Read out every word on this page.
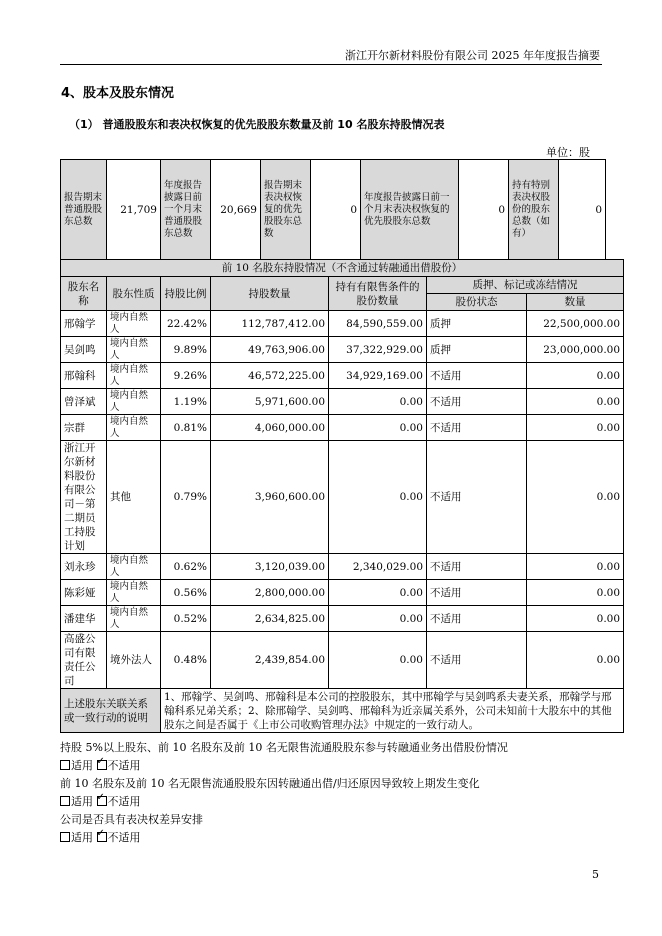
浙江开尔新材料股份有限公司 2025 年年度报告摘要
4、股本及股东情况
（1） 普通股股东和表决权恢复的优先股股东数量及前 10 名股东持股情况表
单位：股
报告期末普通股股东总数	21,709	年度报告披露日前一个月末普通股股东总数	20,669	报告期末表决权恢复的优先股股东总数	0	年度报告披露日前一个月末表决权恢复的优先股股东总数	0	持有特别表决权股份的股东总数（如有）	0
前 10 名股东持股情况（不含通过转融通出借股份）						
股东名称	股东性质	持股比例	持股数量	持有有限售条件的股份数量	质押、标记或冻结情况	
					股份状态	数量
邢翰学	境内自然人	22.42%	112,787,412.00	84,590,559.00	质押	22,500,000.00
吴剑鸣	境内自然人	9.89%	49,763,906.00	37,322,929.00	质押	23,000,000.00
邢翰科	境内自然人	9.26%	46,572,225.00	34,929,169.00	不适用	0.00
曾泽斌	境内自然人	1.19%	5,971,600.00	0.00	不适用	0.00
宗群	境内自然人	0.81%	4,060,000.00	0.00	不适用	0.00
浙江开尔新材料股份有限公司－第二期员工持股计划	其他	0.79%	3,960,600.00	0.00	不适用	0.00
刘永珍	境内自然人	0.62%	3,120,039.00	2,340,029.00	不适用	0.00
陈彩娅	境内自然人	0.56%	2,800,000.00	0.00	不适用	0.00
潘建华	境内自然人	0.52%	2,634,825.00	0.00	不适用	0.00
高盛公司有限责任公司	境外法人	0.48%	2,439,854.00	0.00	不适用	0.00
上述股东关联关系或一致行动的说明		1、邢翰学、吴剑鸣、邢翰科是本公司的控股股东，其中邢翰学与吴剑鸣系夫妻关系，邢翰学与邢翰科系兄弟关系；2、除邢翰学、吴剑鸣、邢翰科为近亲属关系外，公司未知前十大股东中的其他股东之间是否属于《上市公司收购管理办法》中规定的一致行动人。				
持股 5%以上股东、前 10 名股东及前 10 名无限售流通股股东参与转融通业务出借股份情况
适用 ✓ 不适用
前 10 名股东及前 10 名无限售流通股股东因转融通出借/归还原因导致较上期发生变化
适用 ✓ 不适用
公司是否具有表决权差异安排
适用 ✓ 不适用
5
